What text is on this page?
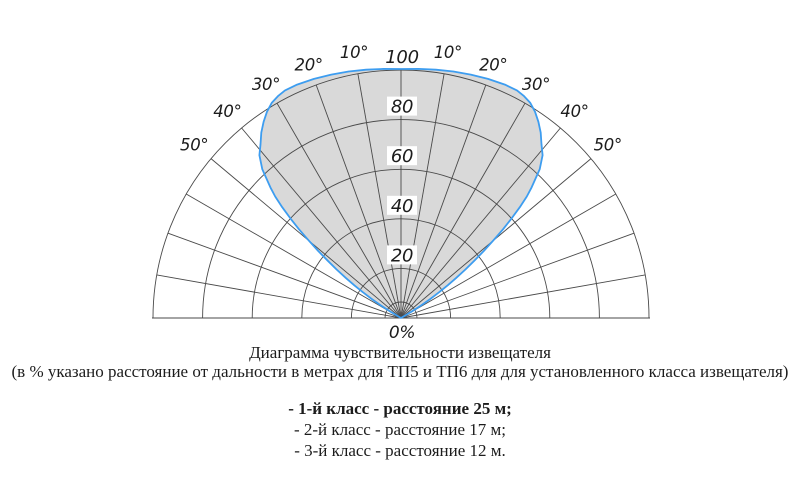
20
40
60
80
100
0%
10°	10°
20°	20°
30°	30°
40°	40°
50°	50°
Диаграмма чувствительности извещателя
(в % указано расстояние от дальности в метрах для ТП5 и ТП6 для для установленного класса извещателя)
- 1-й класс - расстояние 25 м;
- 2-й класс - расстояние 17 м;
- 3-й класс - расстояние 12 м.
